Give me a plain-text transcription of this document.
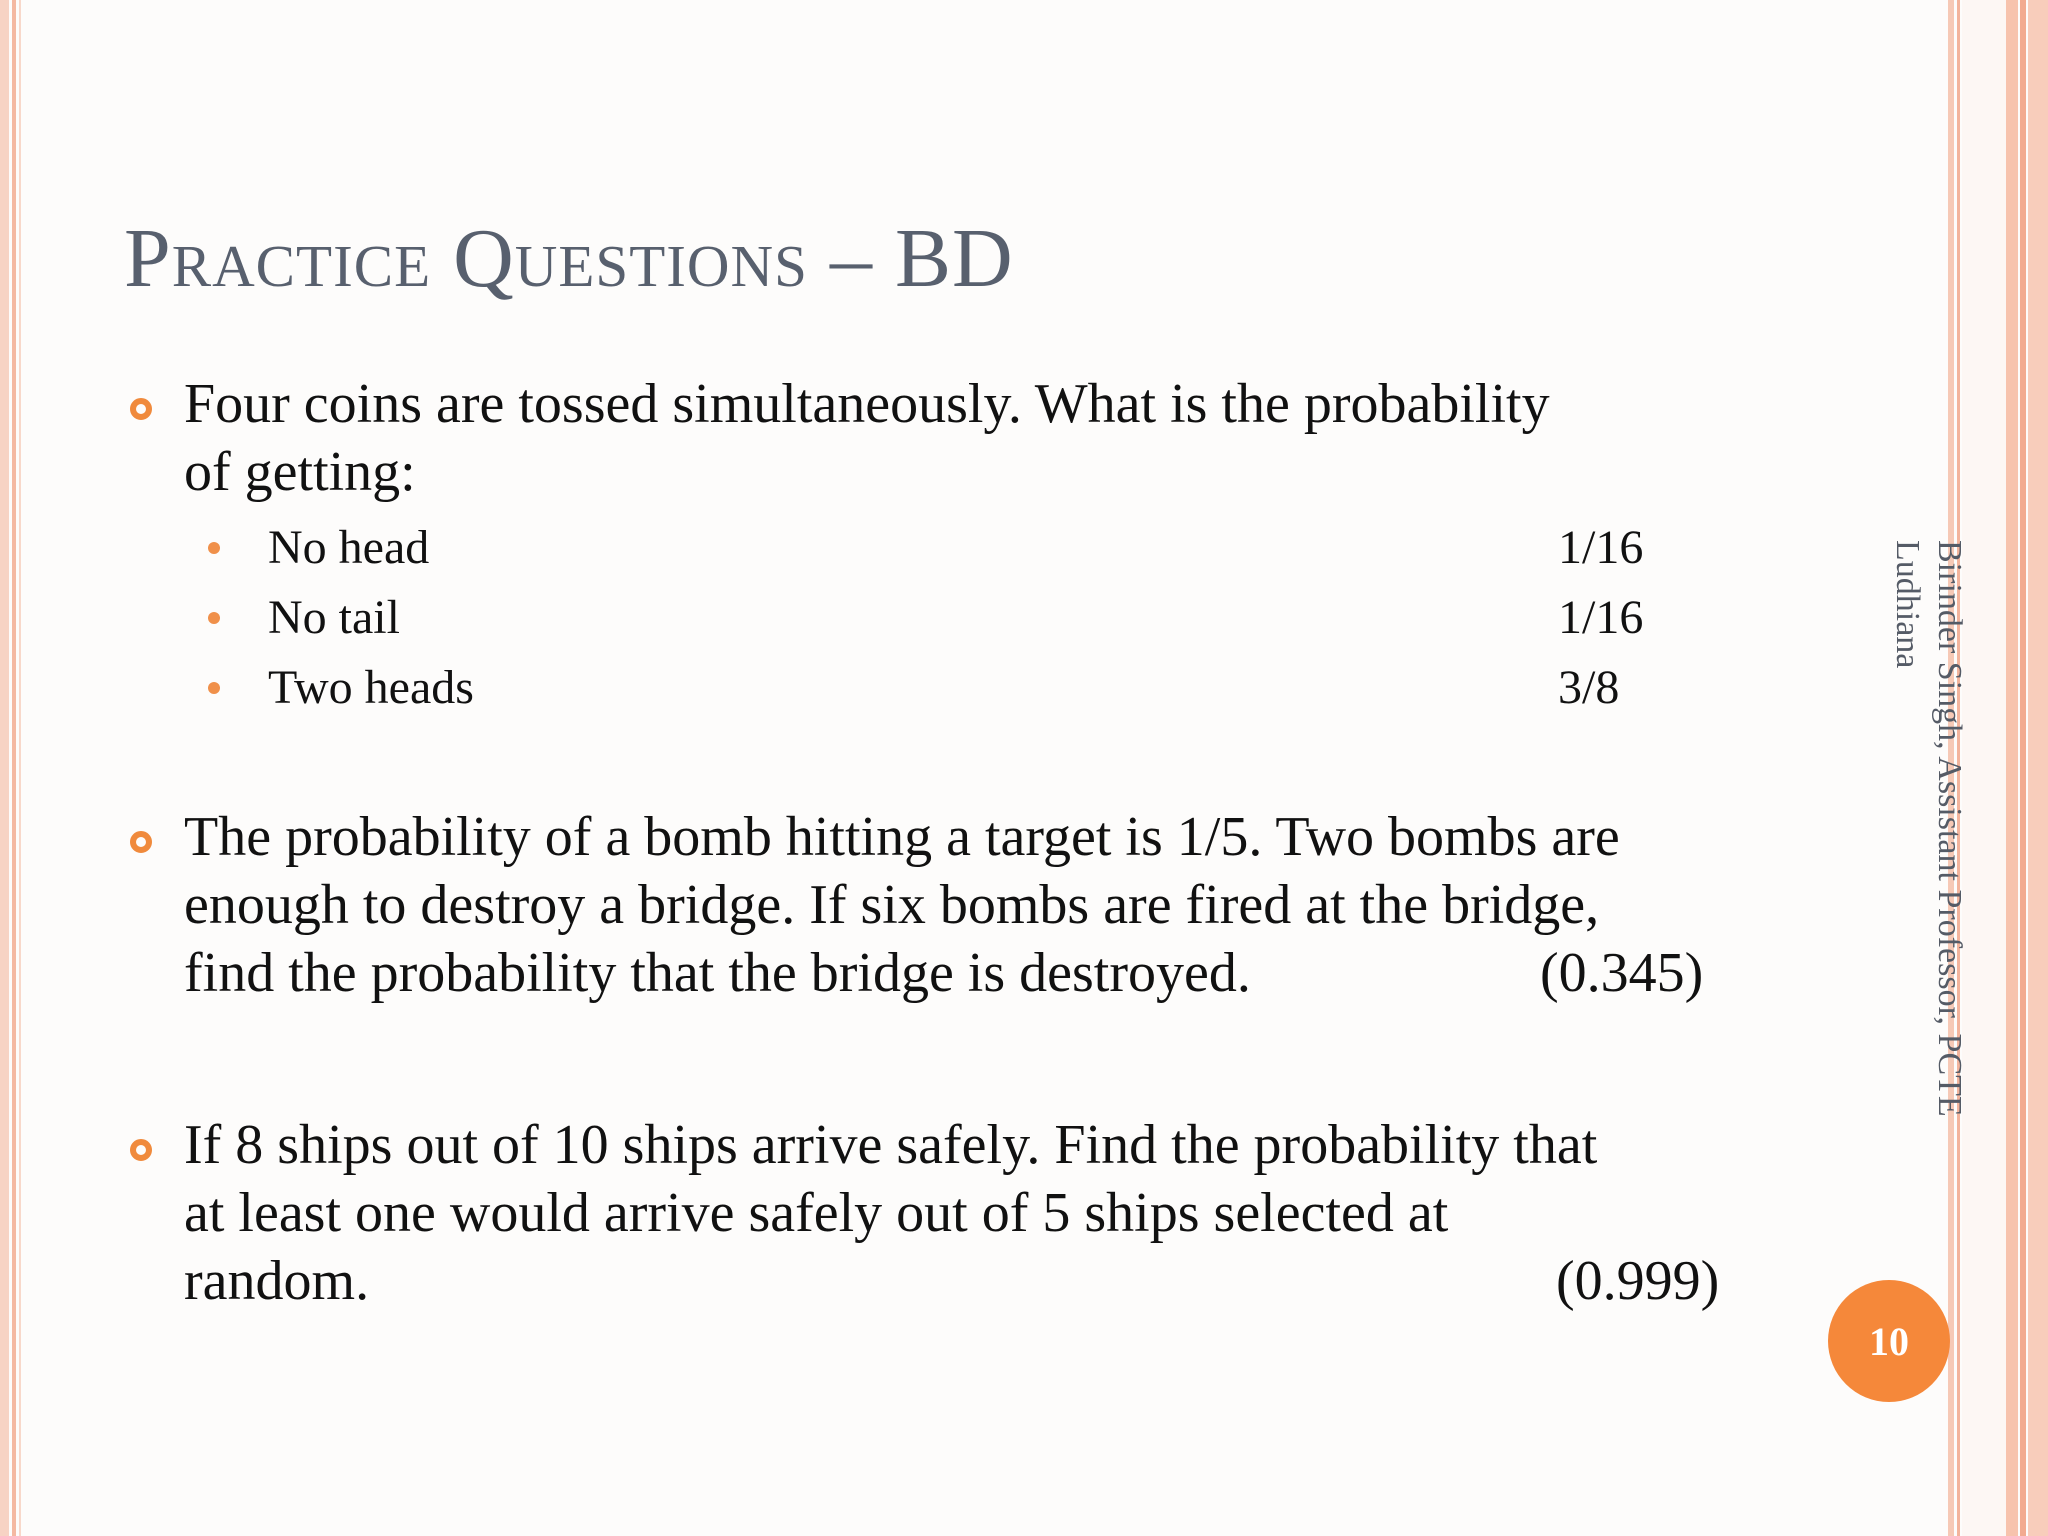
Practice Questions – BD
Four coins are tossed simultaneously. What is the probability
of getting:
No head	1/16
No tail	1/16
Two heads	3/8
The probability of a bomb hitting a target is 1/5. Two bombs are
enough to destroy a bridge. If six bombs are fired at the bridge,
find the probability that the bridge is destroyed.	(0.345)
If 8 ships out of 10 ships arrive safely. Find the probability that
at least one would arrive safely out of 5 ships selected at
random.	(0.999)
Birinder Singh, Assistant Professor, PCTE
Ludhiana
10
